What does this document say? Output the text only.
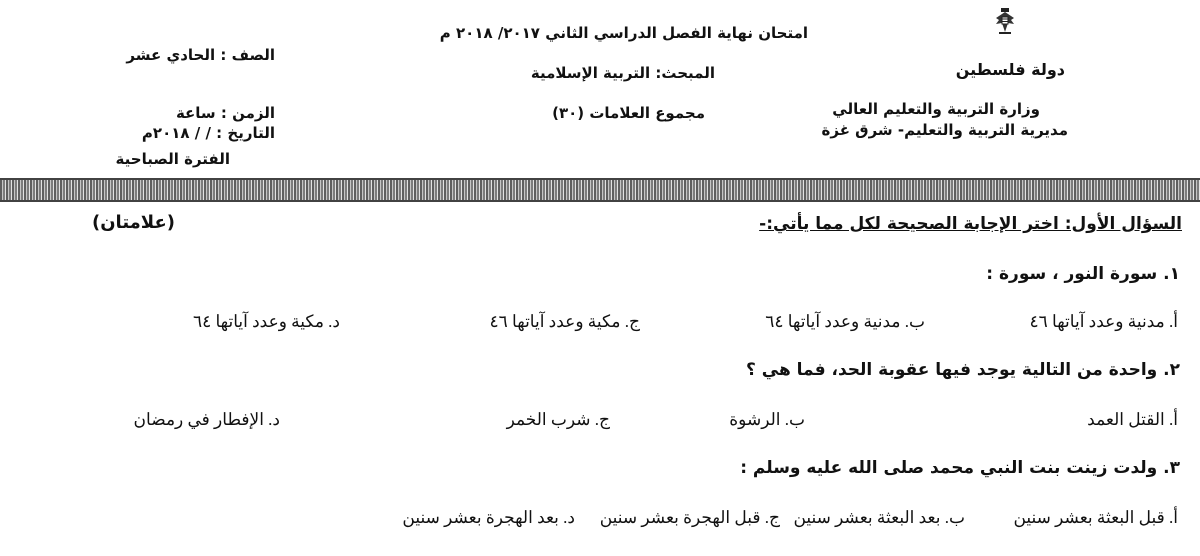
دولة فلسطين
وزارة التربية والتعليم العالي
مديرية التربية والتعليم- شرق غزة
امتحان نهاية الفصل الدراسي الثاني ٢٠١٧/ ٢٠١٨ م
المبحث: التربية الإسلامية
مجموع العلامات (٣٠)
الصف : الحادي عشر
الزمن : ساعة
التاريخ : / / ٢٠١٨م
الفترة الصباحية
السؤال الأول: اختر الإجابة الصحيحة لكل مما يأتي:-
(علامتان)
١. سورة النور ، سورة :
أ. مدنية وعدد آياتها ٤٦
ب. مدنية وعدد آياتها ٦٤
ج. مكية وعدد آياتها ٤٦
د. مكية وعدد آياتها ٦٤
٢. واحدة من التالية يوجد فيها عقوبة الحد، فما هي ؟
أ. القتل العمد
ب. الرشوة
ج. شرب الخمر
د. الإفطار في رمضان
٣. ولدت زينت بنت النبي محمد صلى الله عليه وسلم :
أ. قبل البعثة بعشر سنين
ب. بعد البعثة بعشر سنين
ج. قبل الهجرة بعشر سنين
د. بعد الهجرة بعشر سنين
